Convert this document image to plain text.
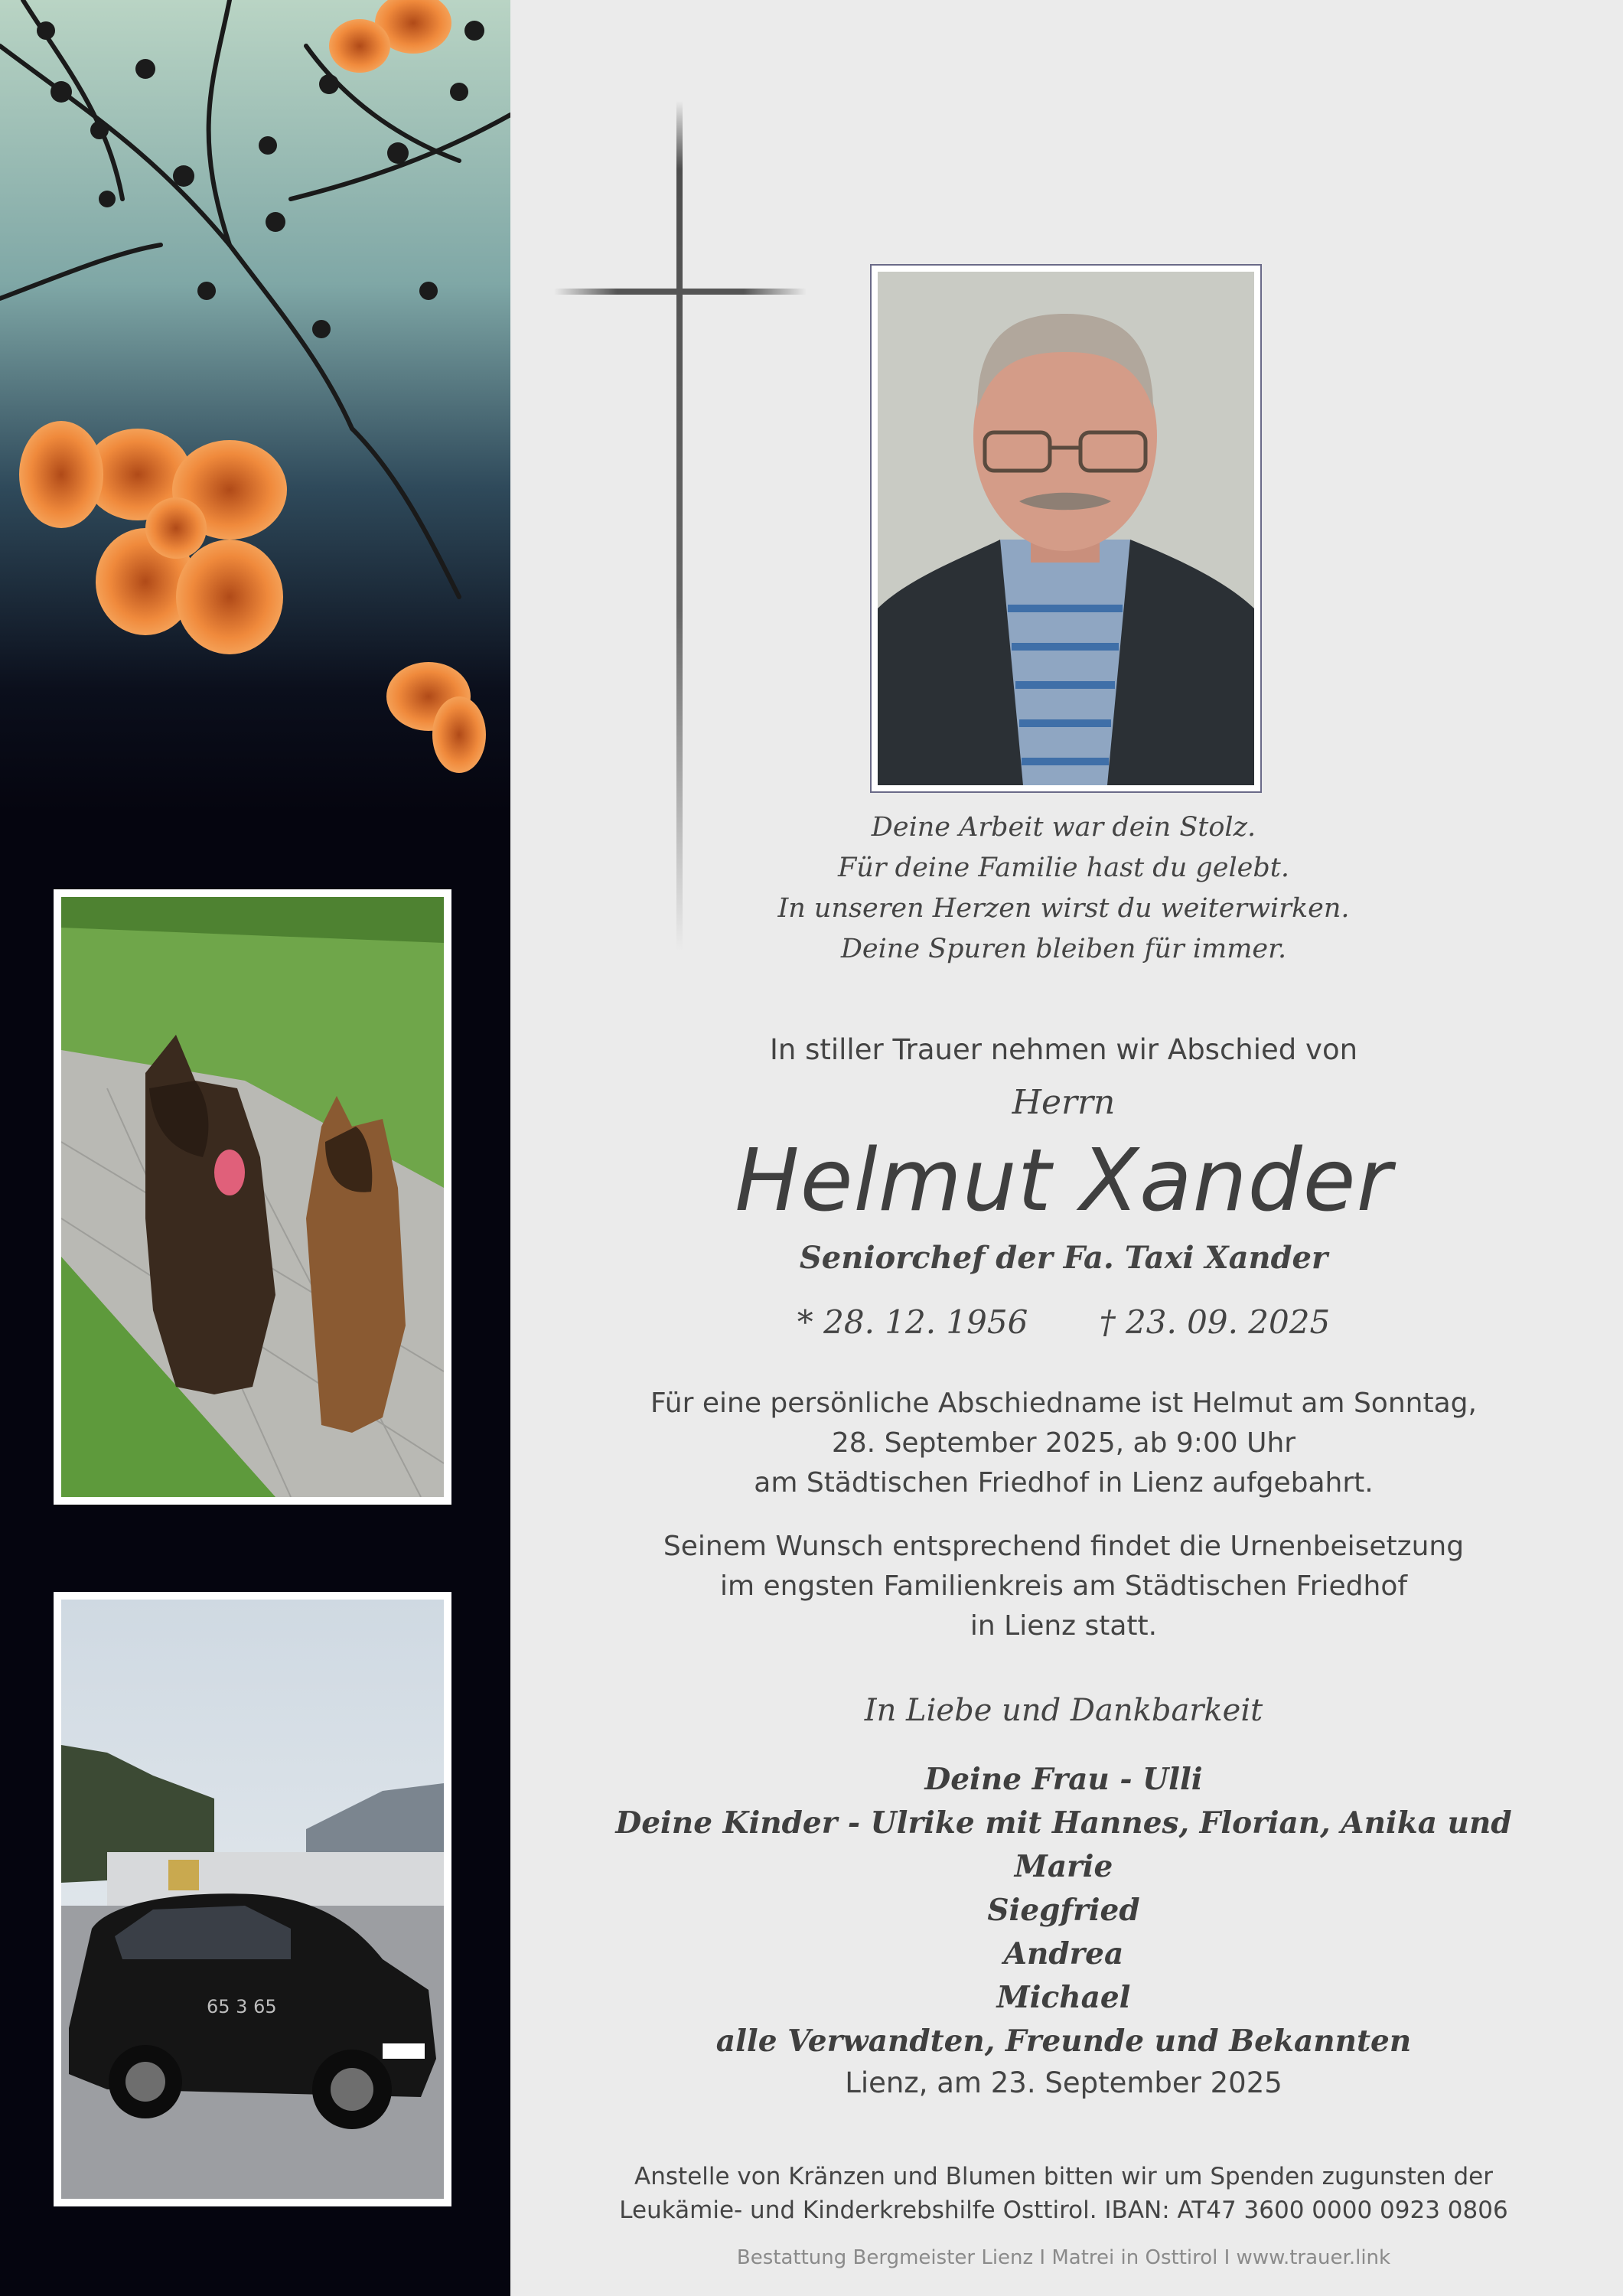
65 3 65

Deine Arbeit war dein Stolz.
Für deine Familie hast du gelebt.
In unseren Herzen wirst du weiterwirken.
Deine Spuren bleiben für immer.

In stiller Trauer nehmen wir Abschied von

Herrn

Helmut Xander

Seniorchef der Fa. Taxi Xander

* 28. 12. 1956 † 23. 09. 2025

Für eine persönliche Abschiedname ist Helmut am Sonntag,
28. September 2025, ab 9:00 Uhr
am Städtischen Friedhof in Lienz aufgebahrt.

Seinem Wunsch entsprechend findet die Urnenbeisetzung
im engsten Familienkreis am Städtischen Friedhof
in Lienz statt.

In Liebe und Dankbarkeit

Deine Frau - Ulli
Deine Kinder - Ulrike mit Hannes, Florian, Anika und Marie
Siegfried
Andrea
Michael
alle Verwandten, Freunde und Bekannten

Lienz, am 23. September 2025

Anstelle von Kränzen und Blumen bitten wir um Spenden zugunsten der
Leukämie- und Kinderkrebshilfe Osttirol. IBAN: AT47 3600 0000 0923 0806

Bestattung Bergmeister Lienz I Matrei in Osttirol I www.trauer.link
